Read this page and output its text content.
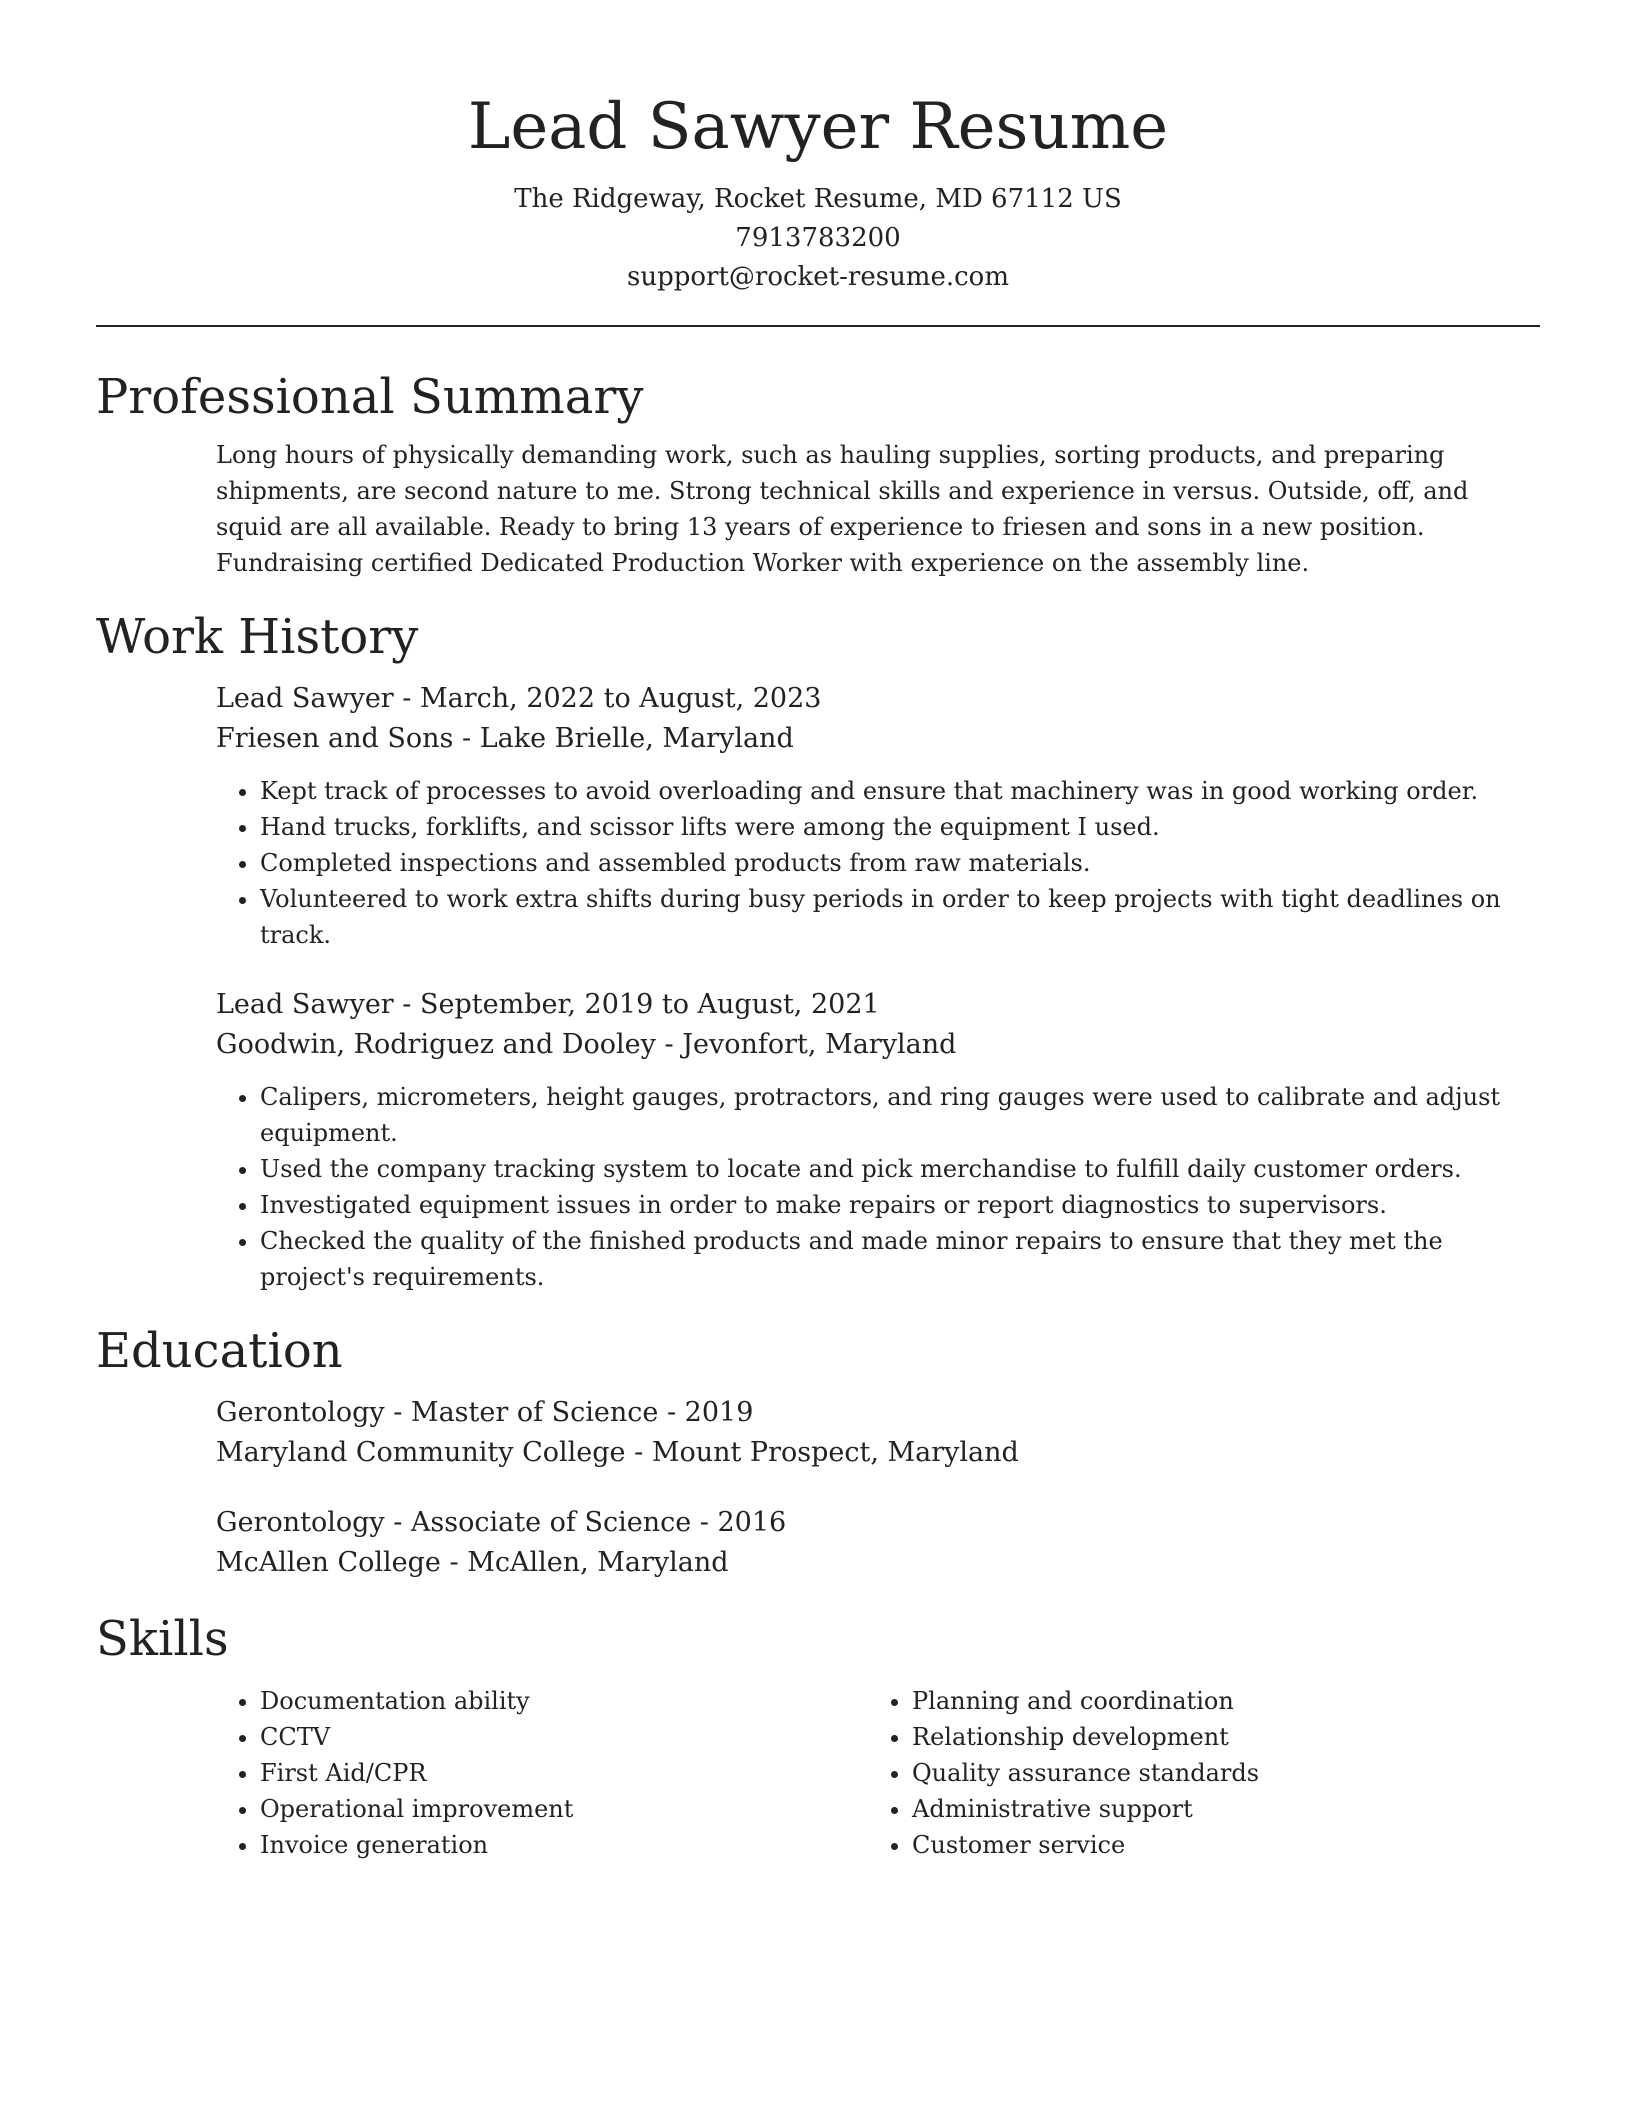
Lead Sawyer Resume
The Ridgeway, Rocket Resume, MD 67112 US
7913783200
support@rocket-resume.com
Professional Summary

Long hours of physically demanding work, such as hauling supplies, sorting products, and preparing shipments, are second nature to me. Strong technical skills and experience in versus. Outside, off, and squid are all available. Ready to bring 13 years of experience to friesen and sons in a new position. Fundraising certified Dedicated Production Worker with experience on the assembly line.

Work History
Lead Sawyer - March, 2022 to August, 2023
Friesen and Sons - Lake Brielle, Maryland
• Kept track of processes to avoid overloading and ensure that machinery was in good working order.
• Hand trucks, forklifts, and scissor lifts were among the equipment I used.
• Completed inspections and assembled products from raw materials.
• Volunteered to work extra shifts during busy periods in order to keep projects with tight deadlines on track.
Lead Sawyer - September, 2019 to August, 2021
Goodwin, Rodriguez and Dooley - Jevonfort, Maryland
• Calipers, micrometers, height gauges, protractors, and ring gauges were used to calibrate and adjust equipment.
• Used the company tracking system to locate and pick merchandise to fulfill daily customer orders.
• Investigated equipment issues in order to make repairs or report diagnostics to supervisors.
• Checked the quality of the finished products and made minor repairs to ensure that they met the project's requirements.
Education
Gerontology - Master of Science - 2019
Maryland Community College - Mount Prospect, Maryland
Gerontology - Associate of Science - 2016
McAllen College - McAllen, Maryland
Skills
• Documentation ability
• CCTV
• First Aid/CPR
• Operational improvement
• Invoice generation
• Planning and coordination
• Relationship development
• Quality assurance standards
• Administrative support
• Customer service
